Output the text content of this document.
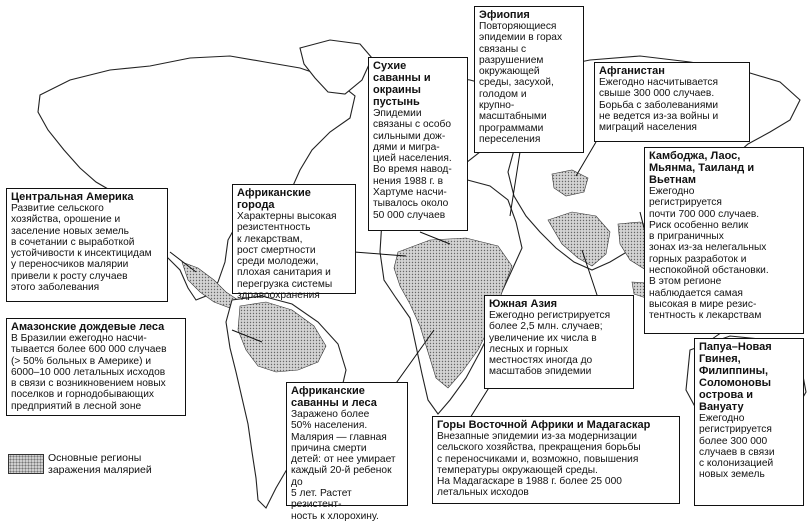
Эфиопия
Повторяющиеся
эпидемии в горах
связаны с
разрушением
окружающей
среды, засухой,
голодом и
крупно-
масштабными
программами
переселения
Сухие
саванны и
окраины
пустынь
Эпидемии
связаны с особо
сильными дож-
дями и мигра-
цией населения.
Во время навод-
нения 1988 г. в
Хартуме насчи-
тывалось около
50 000 случаев
Афганистан
Ежегодно насчитывается
свыше 300 000 случаев.
Борьба с заболеваниями
не ведется из-за войны и
миграций населения
Центральная Америка
Развитие сельского
хозяйства, орошение и
заселение новых земель
в сочетании с выработкой
устойчивости к инсектицидам
у переносчиков малярии
привели к росту случаев
этого заболевания
Африканские города
Характерны высокая
резистентность
к лекарствам,
рост смертности
среди молодежи,
плохая санитария и
перегрузка системы
здравоохранения
Камбоджа, Лаос,
Мьянма, Таиланд и
Вьетнам
Ежегодно
регистрируется
почти 700 000 случаев.
Риск особенно велик
в приграничных
зонах из-за нелегальных
горных разработок и
неспокойной обстановки.
В этом регионе
наблюдается самая
высокая в мире резис-
тентность к лекарствам
Амазонские дождевые леса
В Бразилии ежегодно насчи-
тывается более 600 000 случаев
(> 50% больных в Америке) и
6000–10 000 летальных исходов
в связи с возникновением новых
поселков и горнодобывающих
предприятий в лесной зоне
Южная Азия
Ежегодно регистрируется
более 2,5 млн. случаев;
увеличение их числа в
лесных и горных
местностях иногда до
масштабов эпидемии
Папуа–Новая
Гвинея,
Филиппины,
Соломоновы
острова и
Вануату
Ежегодно
регистрируется
более 300 000
случаев в связи
с колонизацией
новых земель
Африканские
саванны и леса
Заражено более
50% населения.
Малярия — главная
причина смерти
детей: от нее умирает
каждый 20-й ребенок до
5 лет. Растет резистент-
ность к хлорохину.
Горы Восточной Африки и Мадагаскар
Внезапные эпидемии из-за модернизации
сельского хозяйства, прекращения борьбы
с переносчиками и, возможно, повышения
температуры окружающей среды.
На Мадагаскаре в 1988 г. более 25 000
летальных исходов
Основные регионы
заражения малярией
